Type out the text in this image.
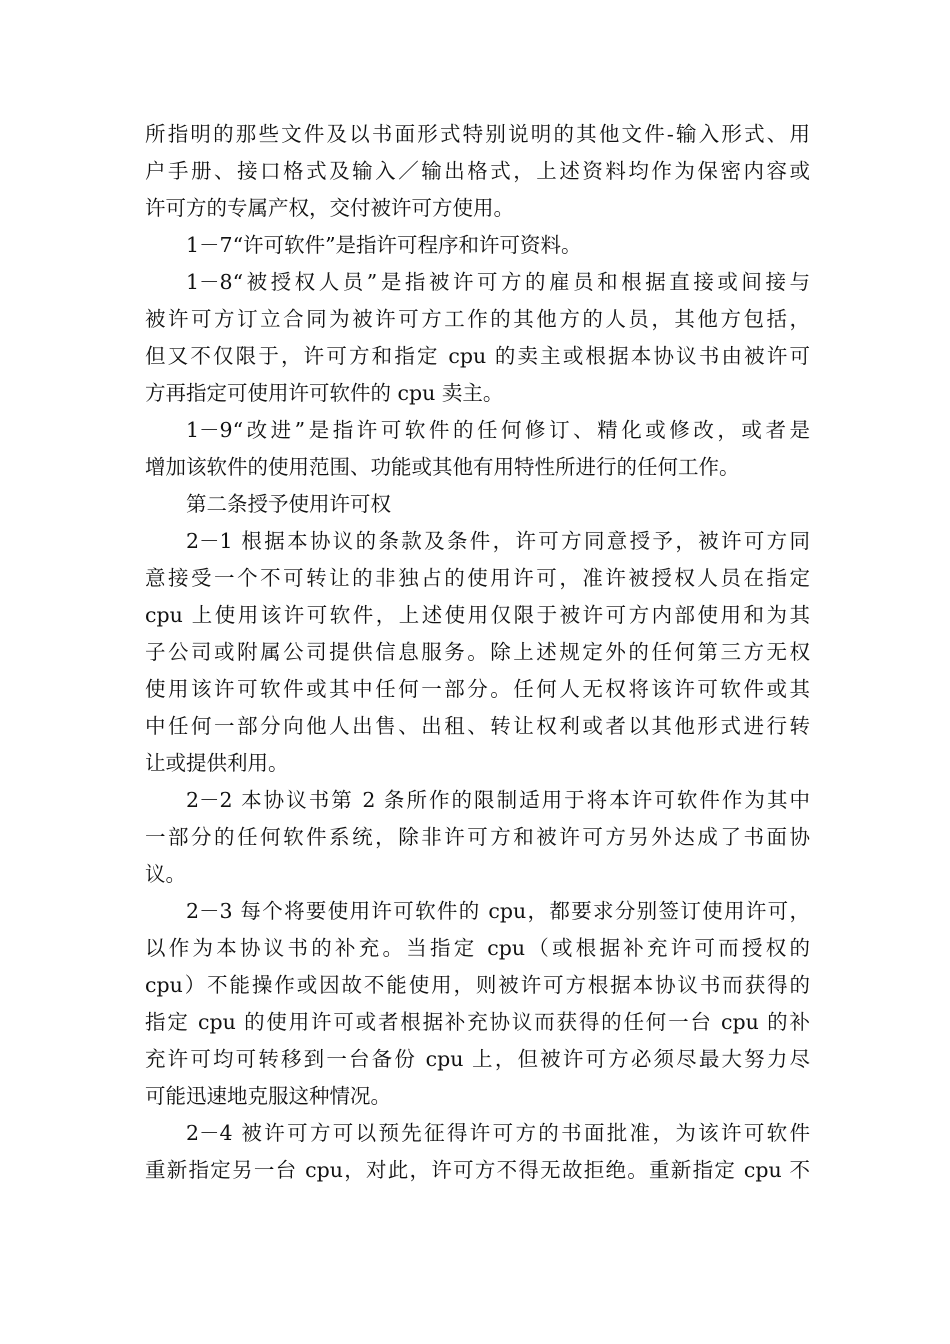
所指明的那些文件及以书面形式特别说明的其他文件-输入形式、用
户手册、接口格式及输入／输出格式，上述资料均作为保密内容或
许可方的专属产权，交付被许可方使用。
1－7“许可软件”是指许可程序和许可资料。
1－8“被授权人员”是指被许可方的雇员和根据直接或间接与
被许可方订立合同为被许可方工作的其他方的人员，其他方包括，
但又不仅限于，许可方和指定 cpu 的卖主或根据本协议书由被许可
方再指定可使用许可软件的 cpu 卖主。
1－9“改进”是指许可软件的任何修订、精化或修改，或者是
增加该软件的使用范围、功能或其他有用特性所进行的任何工作。
第二条授予使用许可权
2－1 根据本协议的条款及条件，许可方同意授予，被许可方同
意接受一个不可转让的非独占的使用许可，准许被授权人员在指定
cpu 上使用该许可软件，上述使用仅限于被许可方内部使用和为其
子公司或附属公司提供信息服务。除上述规定外的任何第三方无权
使用该许可软件或其中任何一部分。任何人无权将该许可软件或其
中任何一部分向他人出售、出租、转让权利或者以其他形式进行转
让或提供利用。
2－2 本协议书第 2 条所作的限制适用于将本许可软件作为其中
一部分的任何软件系统，除非许可方和被许可方另外达成了书面协
议。
2－3 每个将要使用许可软件的 cpu，都要求分别签订使用许可，
以作为本协议书的补充。当指定 cpu（或根据补充许可而授权的
cpu）不能操作或因故不能使用，则被许可方根据本协议书而获得的
指定 cpu 的使用许可或者根据补充协议而获得的任何一台 cpu 的补
充许可均可转移到一台备份 cpu 上，但被许可方必须尽最大努力尽
可能迅速地克服这种情况。
2－4 被许可方可以预先征得许可方的书面批准，为该许可软件
重新指定另一台 cpu，对此，许可方不得无故拒绝。重新指定 cpu 不
